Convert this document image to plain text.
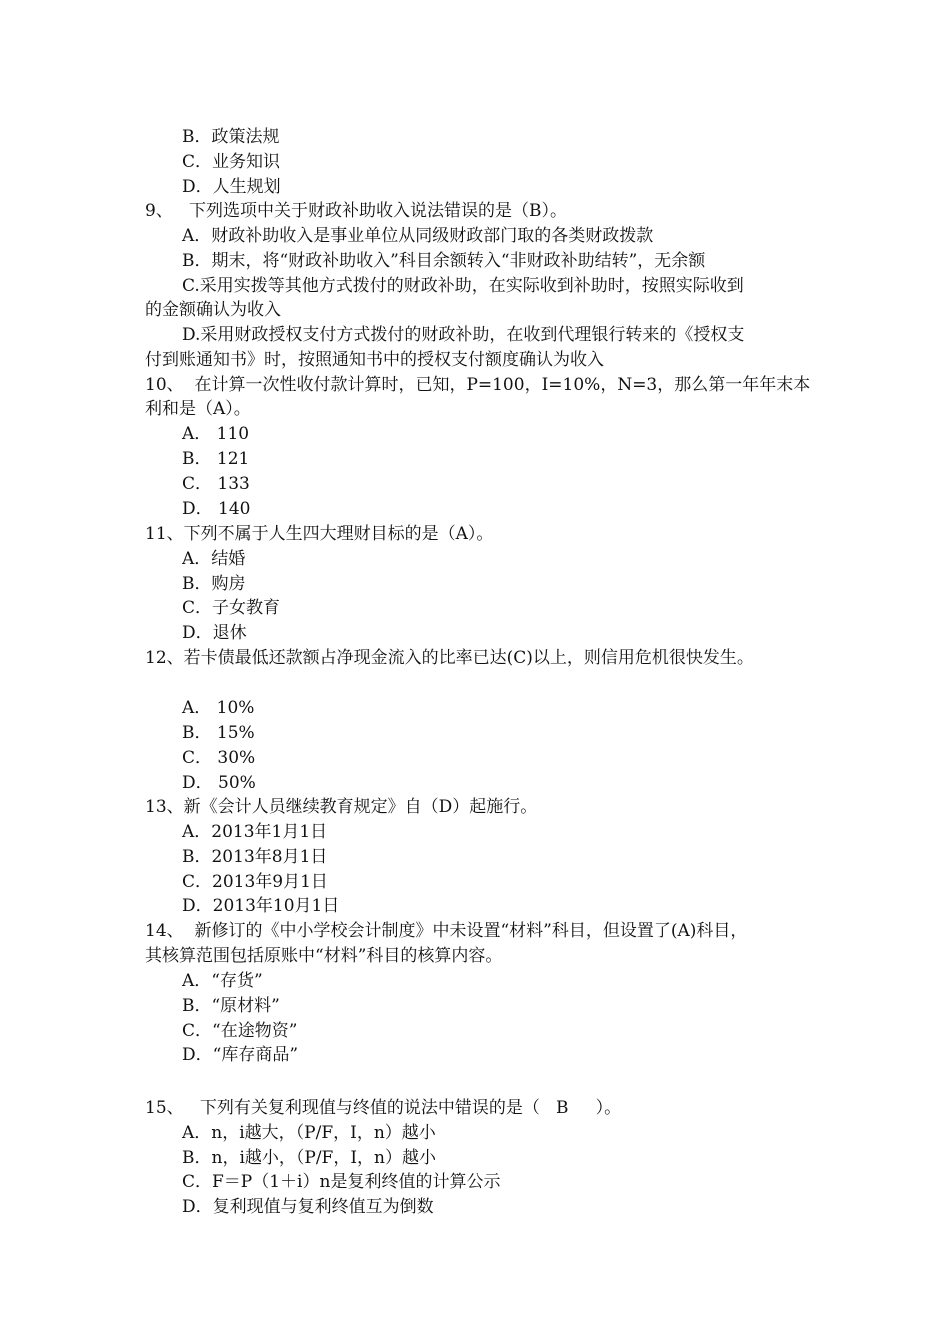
B．政策法规
C．业务知识
D．人生规划
9、   下列选项中关于财政补助收入说法错误的是（B）。
A．财政补助收入是事业单位从同级财政部门取的各类财政拨款
B．期末，将“财政补助收入”科目余额转入“非财政补助结转”，无余额
C.采用实拨等其他方式拨付的财政补助，在实际收到补助时，按照实际收到
的金额确认为收入
D.采用财政授权支付方式拨付的财政补助，在收到代理银行转来的《授权支
付到账通知书》时，按照通知书中的授权支付额度确认为收入
10、  在计算一次性收付款计算时，已知，P=100，I=10%，N=3，那么第一年年末本
利和是（A）。
A． 110
B． 121
C． 133
D． 140
11、下列不属于人生四大理财目标的是（A）。
A．结婚
B．购房
C．子女教育
D．退休
12、若卡债最低还款额占净现金流入的比率已达(C)以上，则信用危机很快发生。
A． 10%
B． 15%
C． 30%
D． 50%
13、新《会计人员继续教育规定》自（D）起施行。
A．2013年1月1日
B．2013年8月1日
C．2013年9月1日
D．2013年10月1日
14、  新修订的《中小学校会计制度》中未设置“材料”科目，但设置了(A)科目，
其核算范围包括原账中“材料”科目的核算内容。
A．“存货”
B．“原材料”
C．“在途物资”
D．“库存商品”
15、   下列有关复利现值与终值的说法中错误的是（   B     ）。
A．n，i越大，（P/F，I，n）越小
B．n，i越小，（P/F，I，n）越小
C．F＝P（1＋i）n是复利终值的计算公示
D．复利现值与复利终值互为倒数
